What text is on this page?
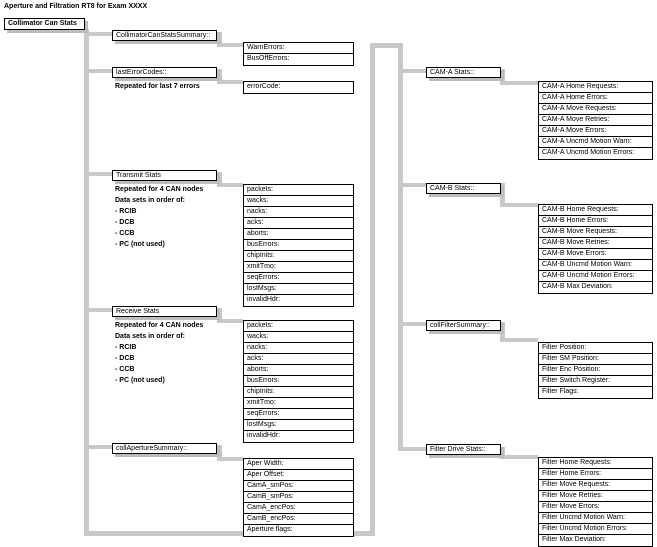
Aperture and Filtration RT8 for Exam XXXX
Collimator Can Stats
CollimatorCanStatsSummary::
WarnErrors:
BusOffErrors:
lastErrorCodes::
Repeated for last 7 errors	errorCode:
Transmit Stats
Repeated for 4 CAN nodes
Data sets in order of:
- RCIB
- DCB
- CCB
- PC (not used)
packets:
wacks:
nacks:
acks:
aborts:
busErrors:
chipInits:
xmitTmo:
seqErrors:
lostMsgs:
invalidHdr:
Receive Stats
Repeated for 4 CAN nodes
Data sets in order of:
- RCIB
- DCB
- CCB
- PC (not used)
packets:
wacks:
nacks:
acks:
aborts:
busErrors:
chipInits:
xmitTmo:
seqErrors:
lostMsgs:
invalidHdr:
collApertureSummary::
Aper Width:
Aper Offset:
CamA_smPos:
CamB_smPos:
CamA_encPos:
CamB_encPos:
Aperture flags:
CAM-A Stats::
CAM-A Home Requests:
CAM-A Home Errors:
CAM-A Move Requests:
CAM-A Move Retries:
CAM-A Move Errors:
CAM-A Uncmd Motion Warn:
CAM-A Uncmd Motion Errors:
CAM-B Stats::
CAM-B Home Requests:
CAM-B Home Errors:
CAM-B Move Requests:
CAM-B Move Retries:
CAM-B Move Errors:
CAM-B Uncmd Motion Warn:
CAM-B Uncmd Motion Errors:
CAM-B Max Deviation:
collFilterSummary::
Filter Position:
Filter SM Position:
Filter Enc Position:
Filter Switch Register:
Filter Flags:
Filter Drive Stats::
Filter Home Requests:
Filter Home Errors:
Filter Move Requests:
Filter Move Retries:
Filter Move Errors:
Filter Uncmd Motion Warn:
Filter Uncmd Motion Errors:
Filter Max Deviation:
